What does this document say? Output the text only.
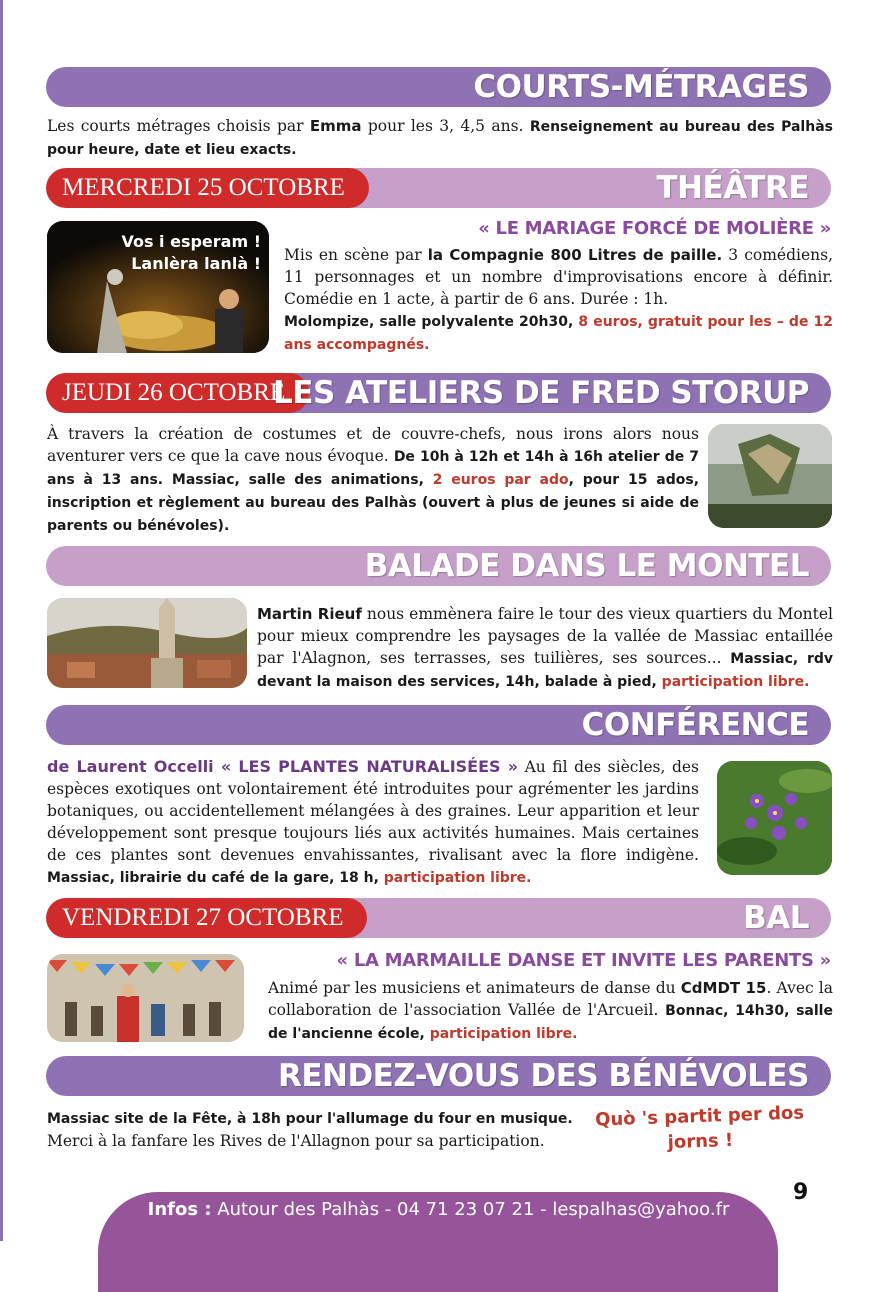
COURTS-MÉTRAGES
Les courts métrages choisis par Emma pour les 3, 4,5 ans. Renseignement au bureau des Palhàs pour heure, date et lieu exacts.
MERCREDI 25 OCTOBRE	THÉÂTRE
« LE MARIAGE FORCÉ DE MOLIÈRE »
Vos i esperam !
Lanlèra lanlà ! Mis en scène par la Compagnie 800 Litres de paille. 3 comédiens, 11 personnages et un nombre d'improvisations encore à définir. Comédie en 1 acte, à partir de 6 ans. Durée : 1h.
Molompize, salle polyvalente 20h30, 8 euros, gratuit pour les – de 12 ans accompagnés.
JEUDI 26 OCTOBRE
LES ATELIERS DE FRED STORUP
À travers la création de costumes et de couvre-chefs, nous irons alors nous aventurer vers ce que la cave nous évoque. De 10h à 12h et 14h à 16h atelier de 7 ans à 13 ans. Massiac, salle des animations, 2 euros par ado, pour 15 ados, inscription et règlement au bureau des Palhàs (ouvert à plus de jeunes si aide de parents ou bénévoles).
BALADE DANS LE MONTEL
Martin Rieuf nous emmènera faire le tour des vieux quartiers du Montel pour mieux comprendre les paysages de la vallée de Massiac entaillée par l'Alagnon, ses terrasses, ses tuilières, ses sources... Massiac, rdv devant la maison des services, 14h, balade à pied, participation libre.
CONFÉRENCE
de Laurent Occelli « LES PLANTES NATURALISÉES » Au fil des siècles, des espèces exotiques ont volontairement été introduites pour agrémenter les jardins botaniques, ou accidentellement mélangées à des graines. Leur apparition et leur développement sont presque toujours liés aux activités humaines. Mais certaines de ces plantes sont devenues envahissantes, rivalisant avec la flore indigène. Massiac, librairie du café de la gare, 18 h, participation libre.
VENDREDI 27 OCTOBRE	BAL
« LA MARMAILLE DANSE ET INVITE LES PARENTS »
Animé par les musiciens et animateurs de danse du CdMDT 15. Avec la collaboration de l'association Vallée de l'Arcueil. Bonnac, 14h30, salle de l'ancienne école, participation libre.
RENDEZ-VOUS DES BÉNÉVOLES
Massiac site de la Fête, à 18h pour l'allumage du four en musique.
Merci à la fanfare les Rives de l'Allagnon pour sa participation.
Quò 's partit per dos jorns !
Infos : Autour des Palhàs - 04 71 23 07 21 - lespalhas@yahoo.fr
9
